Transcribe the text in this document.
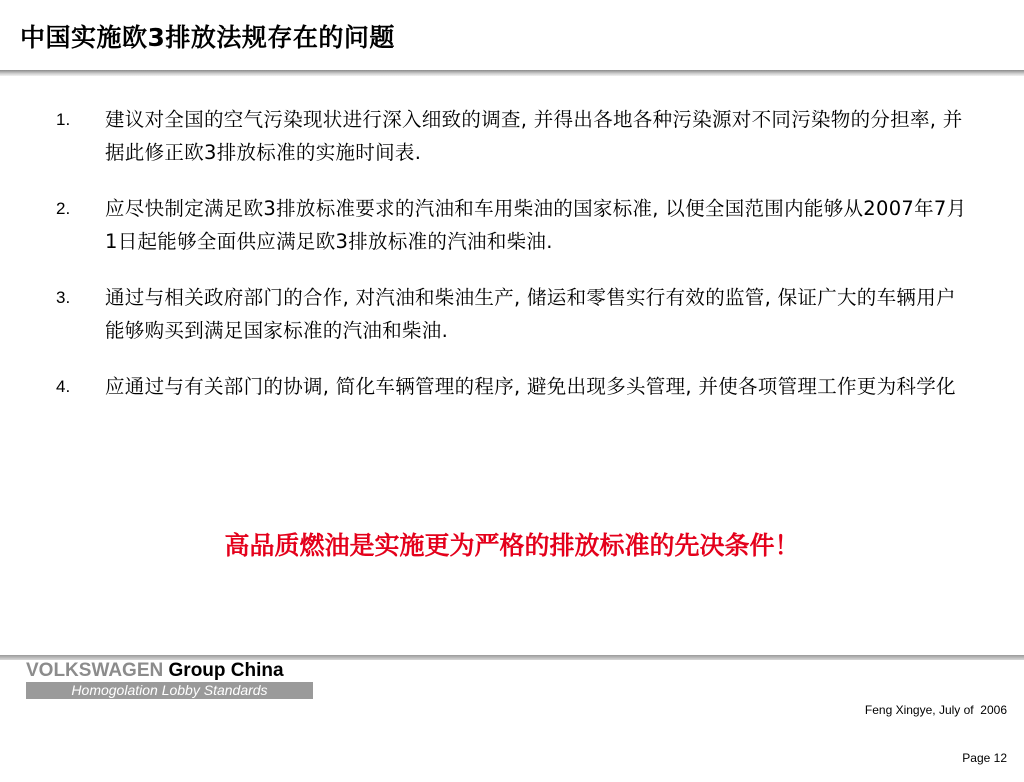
中国实施欧3排放法规存在的问题
1.	建议对全国的空气污染现状进行深入细致的调查, 并得出各地各种污染源对不同污染物的分担率, 并据此修正欧3排放标准的实施时间表.
2.	应尽快制定满足欧3排放标准要求的汽油和车用柴油的国家标准, 以便全国范围内能够从2007年7月1日起能够全面供应满足欧3排放标准的汽油和柴油.
3.	通过与相关政府部门的合作, 对汽油和柴油生产, 储运和零售实行有效的监管, 保证广大的车辆用户能够购买到满足国家标准的汽油和柴油.
4.	应通过与有关部门的协调, 简化车辆管理的程序, 避免出现多头管理, 并使各项管理工作更为科学化
高品质燃油是实施更为严格的排放标准的先决条件！
VOLKSWAGEN Group China
Homogolation Lobby Standards

Feng Xingye, July of  2006

Page 12
